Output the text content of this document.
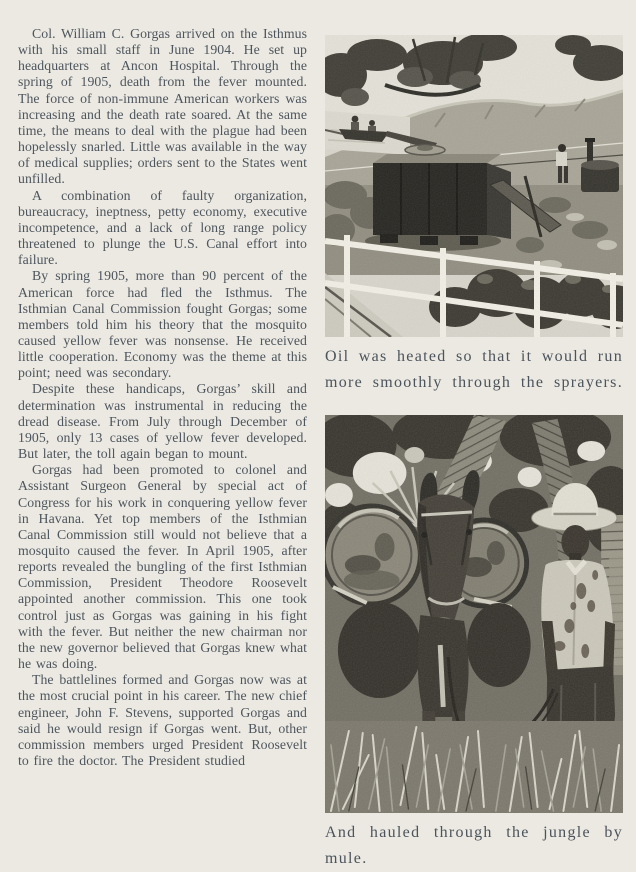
Col. William C. Gorgas arrived on the Isthmus with his small staff in June 1904. He set up headquarters at Ancon Hospital. Through the spring of 1905, death from the fever mounted. The force of non-immune American workers was increasing and the death rate soared. At the same time, the means to deal with the plague had been hopelessly snarled. Little was available in the way of medical supplies; orders sent to the States went unfilled.

A combination of faulty organization, bureaucracy, ineptness, petty economy, executive incompetence, and a lack of long range policy threatened to plunge the U.S. Canal effort into failure.

By spring 1905, more than 90 percent of the American force had fled the Isthmus. The Isthmian Canal Commission fought Gorgas; some members told him his theory that the mosquito caused yellow fever was nonsense. He received little cooperation. Economy was the theme at this point; need was secondary.

Despite these handicaps, Gorgas’ skill and determination was instrumental in reducing the dread disease. From July through December of 1905, only 13 cases of yellow fever developed. But later, the toll again began to mount.

Gorgas had been promoted to colonel and Assistant Surgeon General by special act of Congress for his work in conquering yellow fever in Havana. Yet top members of the Isthmian Canal Commission still would not believe that a mosquito caused the fever. In April 1905, after reports revealed the bungling of the first Isthmian Commission, President Theodore Roosevelt appointed another commission. This one took control just as Gorgas was gaining in his fight with the fever. But neither the new chairman nor the new governor believed that Gorgas knew what he was doing.

The battlelines formed and Gorgas now was at the most crucial point in his career. The new chief engineer, John F. Stevens, supported Gorgas and said he would resign if Gorgas went. But, other commission members urged President Roosevelt to fire the doctor. The President studied

Oil was heated so that it would run more smoothly through the sprayers.

And hauled through the jungle by mule.
